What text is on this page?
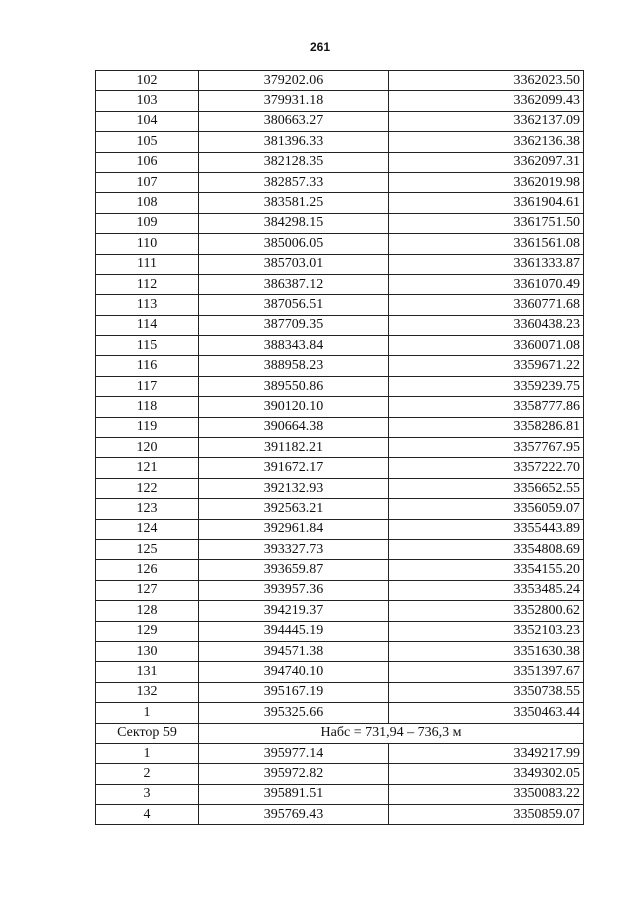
261
102	379202.06	3362023.50
103	379931.18	3362099.43
104	380663.27	3362137.09
105	381396.33	3362136.38
106	382128.35	3362097.31
107	382857.33	3362019.98
108	383581.25	3361904.61
109	384298.15	3361751.50
110	385006.05	3361561.08
111	385703.01	3361333.87
112	386387.12	3361070.49
113	387056.51	3360771.68
114	387709.35	3360438.23
115	388343.84	3360071.08
116	388958.23	3359671.22
117	389550.86	3359239.75
118	390120.10	3358777.86
119	390664.38	3358286.81
120	391182.21	3357767.95
121	391672.17	3357222.70
122	392132.93	3356652.55
123	392563.21	3356059.07
124	392961.84	3355443.89
125	393327.73	3354808.69
126	393659.87	3354155.20
127	393957.36	3353485.24
128	394219.37	3352800.62
129	394445.19	3352103.23
130	394571.38	3351630.38
131	394740.10	3351397.67
132	395167.19	3350738.55
1	395325.66	3350463.44
Сектор 59	Набс = 731,94 – 736,3 м	
1	395977.14	3349217.99
2	395972.82	3349302.05
3	395891.51	3350083.22
4	395769.43	3350859.07
